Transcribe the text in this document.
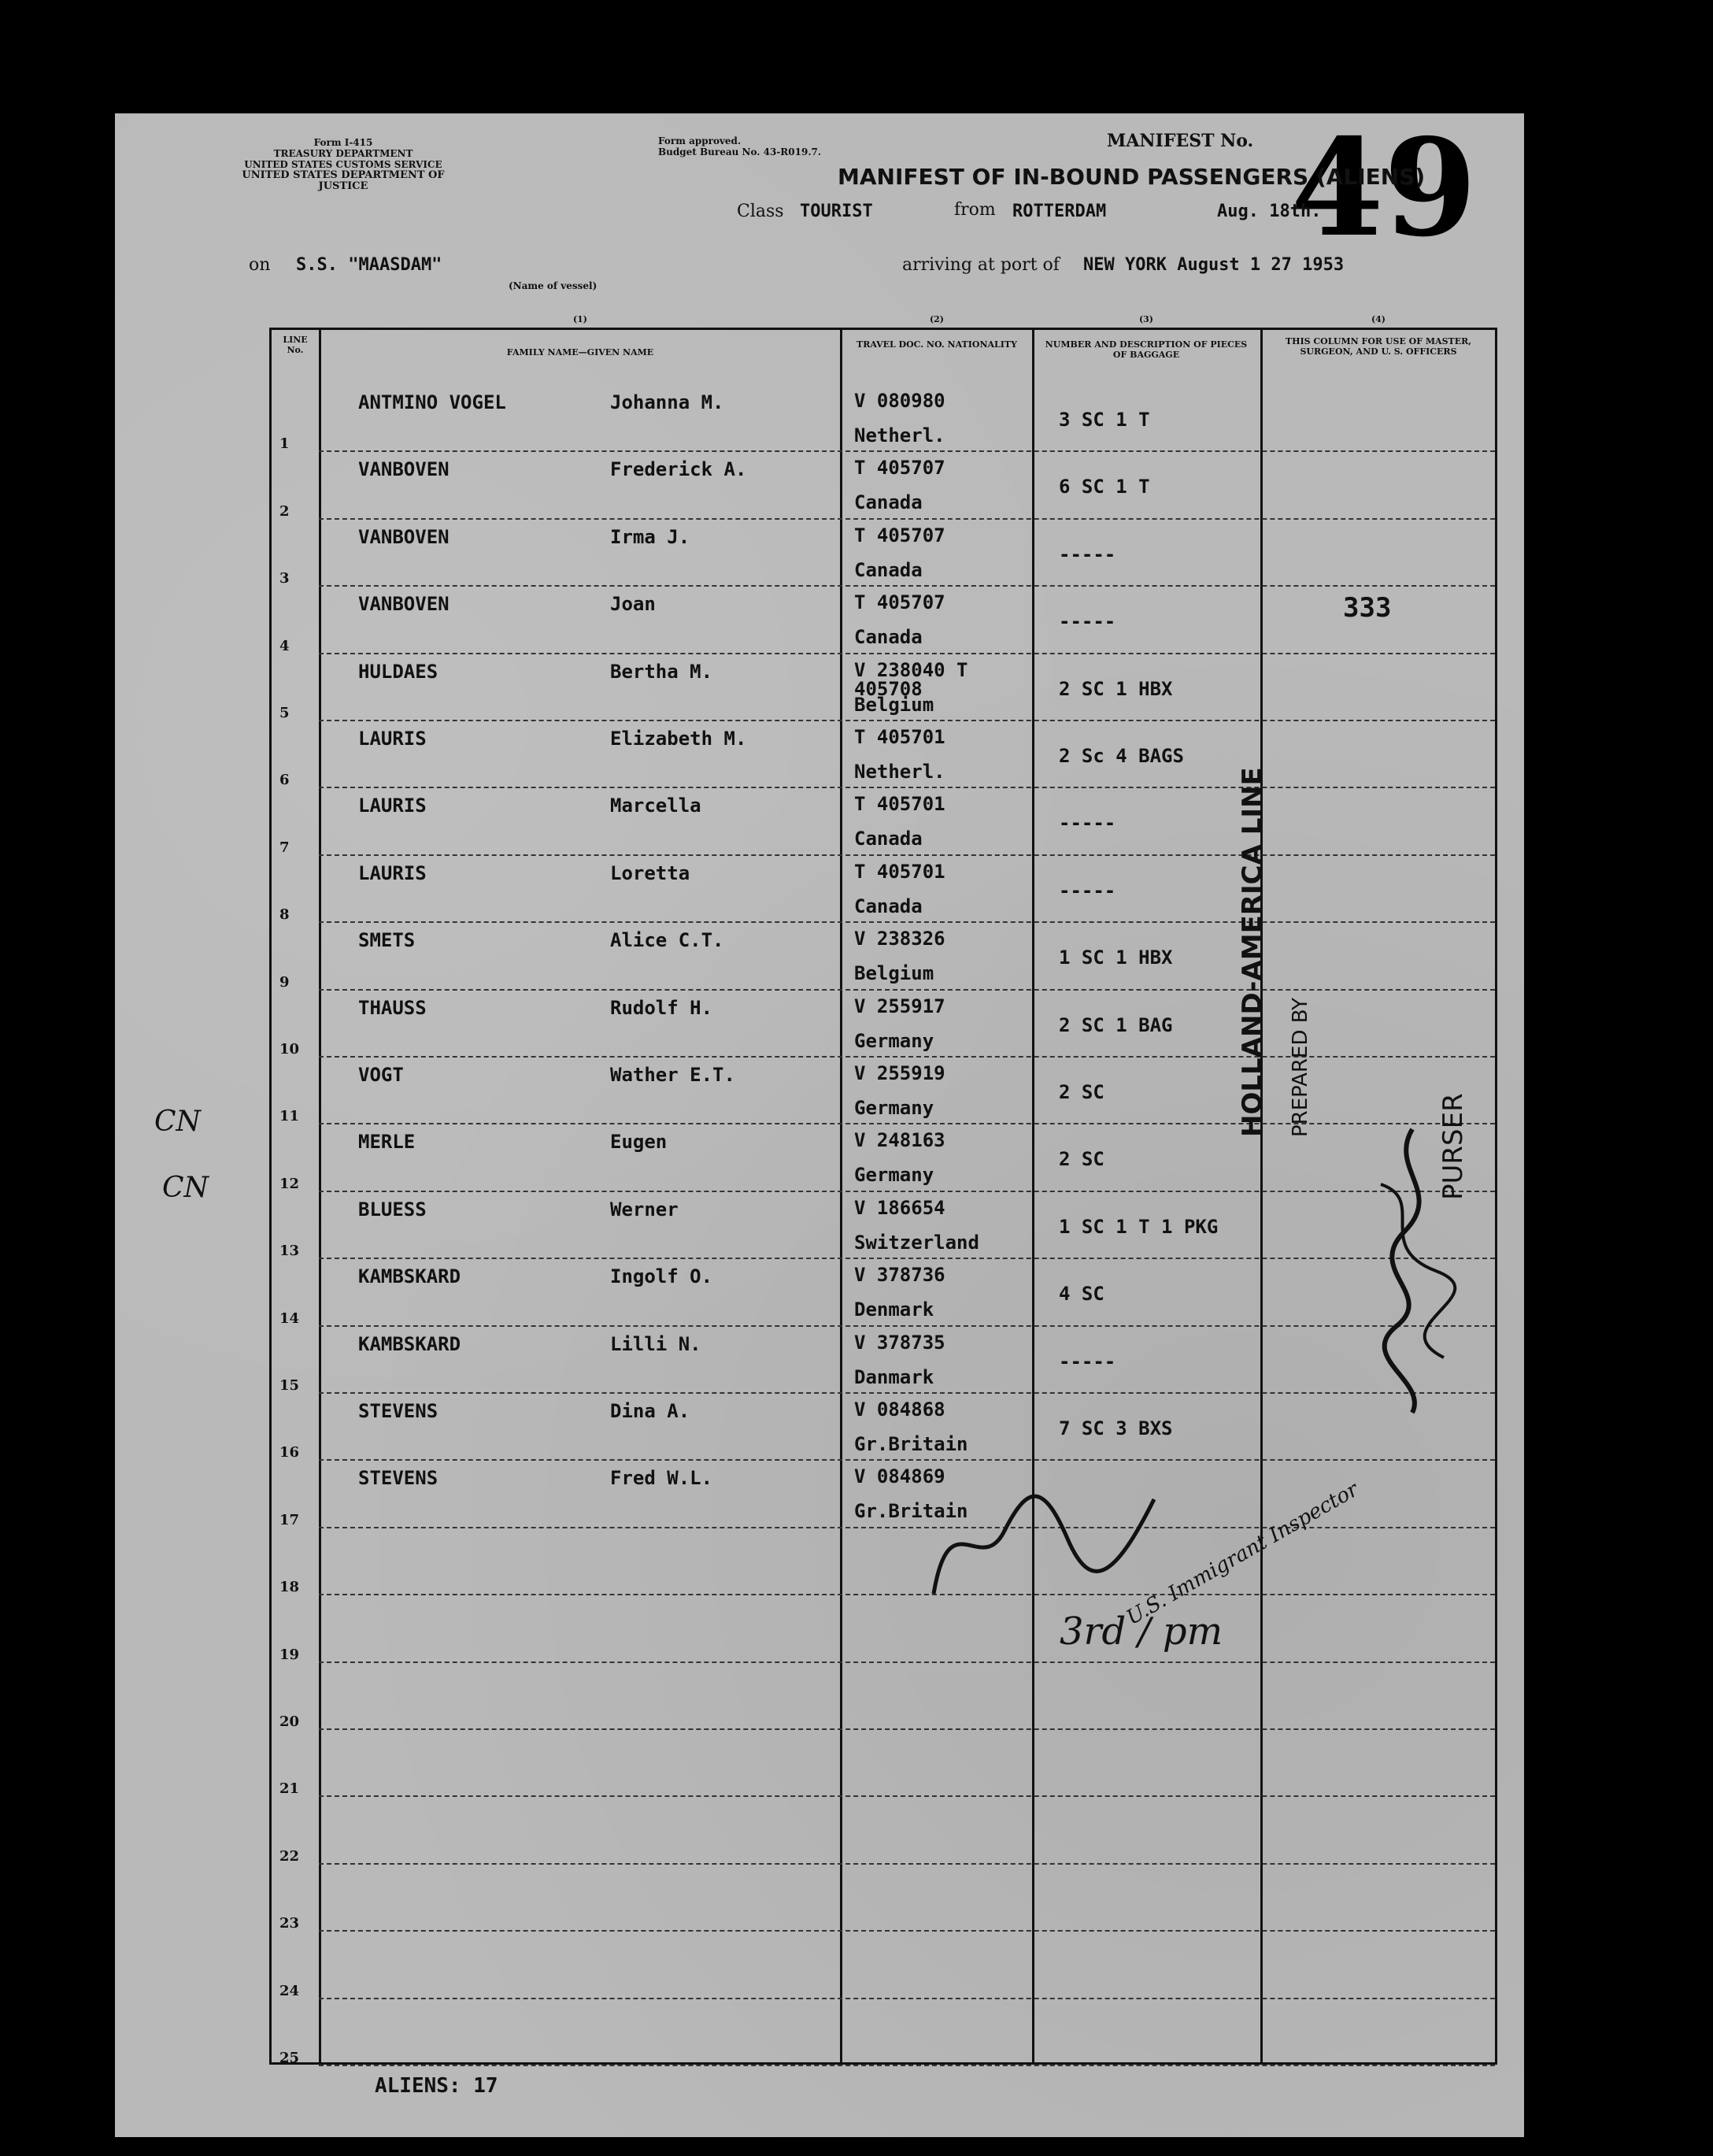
Form I-415
TREASURY DEPARTMENT
UNITED STATES CUSTOMS SERVICE
UNITED STATES DEPARTMENT OF JUSTICE
Form approved.
Budget Bureau No. 43-R019.7.
MANIFEST No. 49
MANIFEST OF IN-BOUND PASSENGERS (ALIENS)
Class TOURIST	from ROTTERDAM	Aug. 18th.
on S.S. "MAASDAM"
(Name of vessel)
arriving at port of NEW YORK August 1 27 1953
LINE No.	FAMILY NAME—GIVEN NAME
TRAVEL DOC. NO. NATIONALITY	NUMBER AND DESCRIPTION OF PIECES OF BAGGAGE
THIS COLUMN FOR USE OF MASTER, SURGEON, AND U. S. OFFICERS
(1)	(2)	(3)	(4)
1
ANTMINO VOGEL	Johanna M.	V 080980
Netherl.
3 SC 1 T
2
VANBOVEN	Frederick A.	T 405707
Canada
6 SC 1 T
3
VANBOVEN	Irma J.	T 405707
Canada
-----
4
VANBOVEN	Joan	T 405707
Canada
-----
5
HULDAES	Bertha M.	V 238040 T 405708
Belgium
2 SC 1 HBX
6
LAURIS	Elizabeth M.	T 405701
Netherl.
2 Sc 4 BAGS
7
LAURIS	Marcella	T 405701
Canada
-----
8
LAURIS	Loretta	T 405701
Canada
-----
9
SMETS	Alice C.T.	V 238326
Belgium
1 SC 1 HBX
10
THAUSS	Rudolf H.	V 255917
Germany
2 SC 1 BAG
11
VOGT	Wather E.T.	V 255919
Germany
2 SC
12
MERLE	Eugen	V 248163
Germany
2 SC
13
BLUESS	Werner	V 186654
Switzerland
1 SC 1 T 1 PKG
14
KAMBSKARD	Ingolf O.	V 378736
Denmark
4 SC
15
KAMBSKARD	Lilli N.	V 378735
Danmark
-----
16
STEVENS	Dina A.	V 084868
Gr.Britain
7 SC 3 BXS
17
STEVENS	Fred W.L.	V 084869
Gr.Britain
18
19
20
21
22
23
24
25
333
CN
CN
HOLLAND-AMERICA LINE PREPARED BY
PURSER
U.S. Immigrant Inspector
3rd / pm
ALIENS: 17
